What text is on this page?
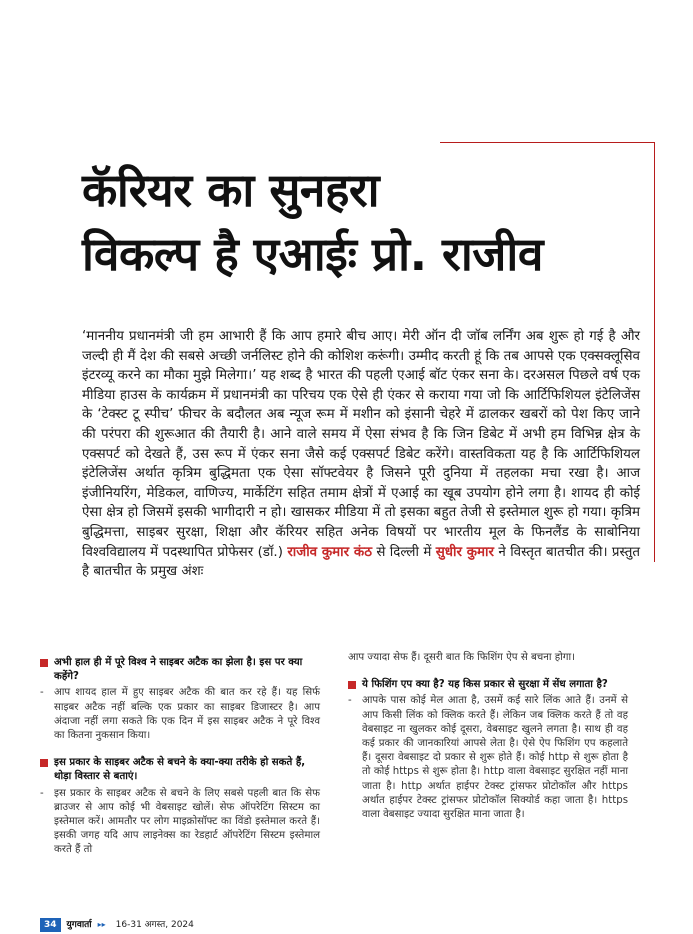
कॅरियर का सुनहरा
विकल्प है एआईः प्रो. राजीव
‘माननीय प्रधानमंत्री जी हम आभारी हैं कि आप हमारे बीच आए। मेरी ऑन दी जॉब लर्निंग अब शुरू हो गई है और जल्दी ही मैं देश की सबसे अच्छी जर्नलिस्ट होने की कोशिश करूंगी। उम्मीद करती हूं कि तब आपसे एक एक्सक्लूसिव इंटरव्यू करने का मौका मुझे मिलेगा।’ यह शब्द है भारत की पहली एआई बॉट एंकर सना के। दरअसल पिछले वर्ष एक मीडिया हाउस के कार्यक्रम में प्रधानमंत्री का परिचय एक ऐसे ही एंकर से कराया गया जो कि आर्टिफिशियल इंटेलिजेंस के ‘टेक्स्ट टू स्पीच’ फीचर के बदौलत अब न्यूज रूम में मशीन को इंसानी चेहरे में ढालकर खबरों को पेश किए जाने की परंपरा की शुरूआत की तैयारी है। आने वाले समय में ऐसा संभव है कि जिन डिबेट में अभी हम विभिन्न क्षेत्र के एक्सपर्ट को देखते हैं, उस रूप में एंकर सना जैसे कई एक्सपर्ट डिबेट करेंगे। वास्तविकता यह है कि आर्टिफिशियल इंटेलिजेंस अर्थात कृत्रिम बुद्धिमता एक ऐसा सॉफ्टवेयर है जिसने पूरी दुनिया में तहलका मचा रखा है। आज इंजीनियरिंग, मेडिकल, वाणिज्य, मार्केटिंग सहित तमाम क्षेत्रों में एआई का खूब उपयोग होने लगा है। शायद ही कोई ऐसा क्षेत्र हो जिसमें इसकी भागीदारी न हो। खासकर मीडिया में तो इसका बहुत तेजी से इस्तेमाल शुरू हो गया। कृत्रिम बुद्धिमत्ता, साइबर सुरक्षा, शिक्षा और कॅरियर सहित अनेक विषयों पर भारतीय मूल के फिनलैंड के साबोनिया विश्वविद्यालय में पदस्थापित प्रोफेसर (डॉ.) राजीव कुमार कंठ से दिल्ली में सुधीर कुमार ने विस्तृत बातचीत की। प्रस्तुत है बातचीत के प्रमुख अंशः

अभी हाल ही में पूरे विश्व ने साइबर अटैक का झेला है। इस पर क्या कहेंगे?

- आप शायद हाल में हुए साइबर अटैक की बात कर रहे हैं। यह सिर्फ साइबर अटैक नहीं बल्कि एक प्रकार का साइबर डिजास्टर है। आप अंदाजा नहीं लगा सकते कि एक दिन में इस साइबर अटैक ने पूरे विश्व का कितना नुकसान किया।

इस प्रकार के साइबर अटैक से बचने के क्या-क्या तरीके हो सकते हैं, थोड़ा विस्तार से बताएं।

- इस प्रकार के साइबर अटैक से बचने के लिए सबसे पहली बात कि सेफ ब्राउजर से आप कोई भी वेबसाइट खोलें। सेफ ऑपरेटिंग सिस्टम का इस्तेमाल करें। आमतौर पर लोग माइक्रोसॉफ्ट का विंडो इस्तेमाल करते हैं। इसकी जगह यदि आप लाइनेक्स का रेडहार्ट ऑपरेटिंग सिस्टम इस्तेमाल करते हैं तो

आप ज्यादा सेफ हैं। दूसरी बात कि फिशिंग ऐप से बचना होगा।

ये फिशिंग एप क्या है? यह किस प्रकार से सुरक्षा में सेंध लगाता है?

- आपके पास कोई मेल आता है, उसमें कई सारे लिंक आते हैं। उनमें से आप किसी लिंक को क्लिक करते हैं। लेकिन जब क्लिक करते हैं तो वह वेबसाइट ना खुलकर कोई दूसरा, वेबसाइट खुलने लगता है। साथ ही वह कई प्रकार की जानकारियां आपसे लेता है। ऐसे ऐप फिशिंग एप कहलाते हैं। दूसरा वेबसाइट दो प्रकार से शुरू होते हैं। कोई http से शुरू होता है तो कोई https से शुरू होता है। http वाला वेबसाइट सुरक्षित नहीं माना जाता है। http अर्थात हाईपर टेक्स्ट ट्रांसफर प्रोटोकॉल और https अर्थात हाईपर टेक्स्ट ट्रांसफर प्रोटोकॉल सिक्योर्ड कहा जाता है। https वाला वेबसाइट ज्यादा सुरक्षित माना जाता है।

34	युगवार्ता ▸▸ 16-31 अगस्त, 2024
